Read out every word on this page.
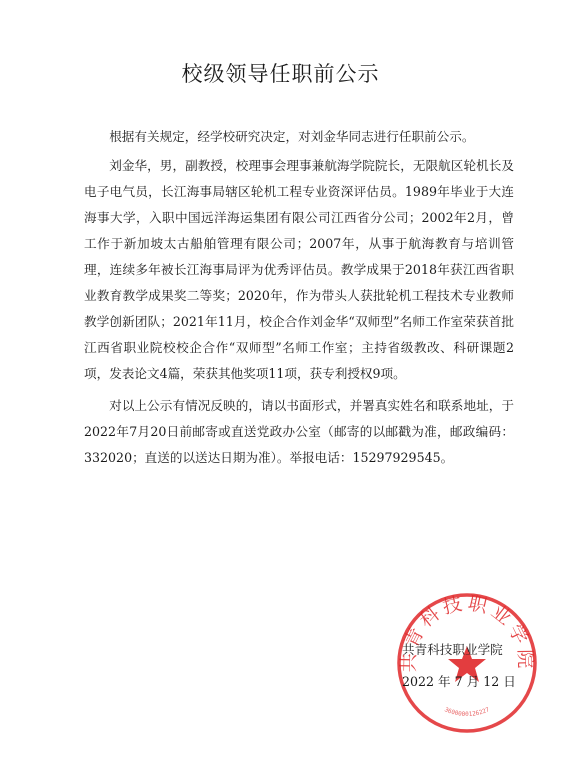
校级领导任职前公示

根据有关规定，经学校研究决定，对刘金华同志进行任职前公示。

刘金华，男，副教授，校理事会理事兼航海学院院长，无限航区轮机长及电子电气员，长江海事局辖区轮机工程专业资深评估员。1989年毕业于大连海事大学，入职中国远洋海运集团有限公司江西省分公司；2002年2月，曾工作于新加坡太古船舶管理有限公司；2007年，从事于航海教育与培训管理，连续多年被长江海事局评为优秀评估员。教学成果于2018年获江西省职业教育教学成果奖二等奖；2020年，作为带头人获批轮机工程技术专业教师教学创新团队；2021年11月，校企合作刘金华“双师型”名师工作室荣获首批江西省职业院校校企合作“双师型”名师工作室；主持省级教改、科研课题2项，发表论文4篇，荣获其他奖项11项，获专利授权9项。

对以上公示有情况反映的，请以书面形式，并署真实姓名和联系地址，于2022年7月20日前邮寄或直送党政办公室（邮寄的以邮戳为准，邮政编码：332020；直送的以送达日期为准）。举报电话：15297929545。

共青科技职业学院
3600000126227
共青科技职业学院
2022 年 7 月 12 日
